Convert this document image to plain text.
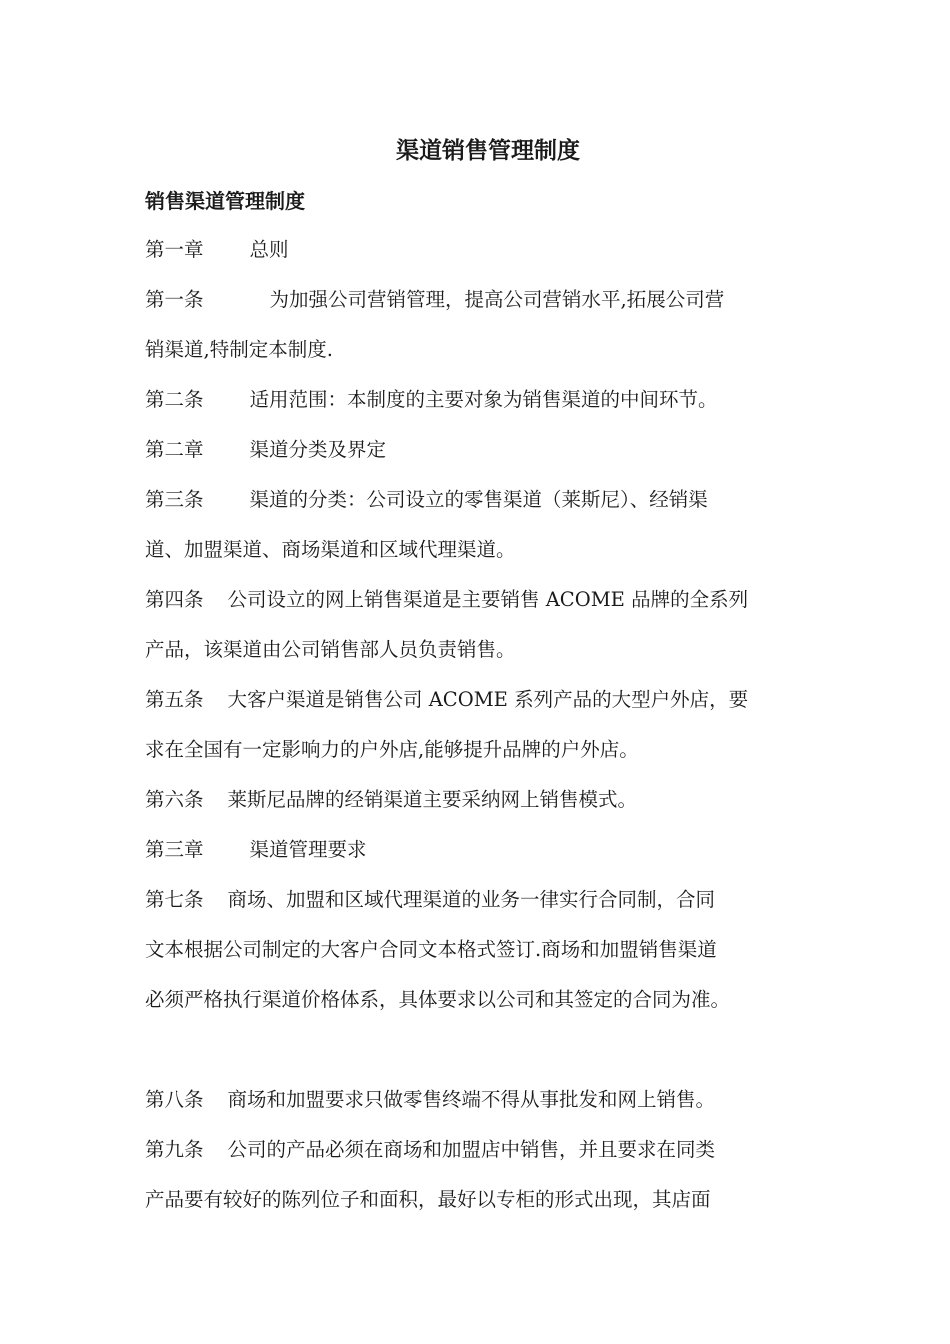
渠道销售管理制度
销售渠道管理制度
第一章 总则
第一条	为加强公司营销管理，提高公司营销水平,拓展公司营
销渠道,特制定本制度.
第二条 适用范围：本制度的主要对象为销售渠道的中间环节。
第二章 渠道分类及界定
第三条 渠道的分类：公司设立的零售渠道（莱斯尼）、经销渠
道、加盟渠道、商场渠道和区域代理渠道。
第四条 公司设立的网上销售渠道是主要销售 ACOME 品牌的全系列
产品，该渠道由公司销售部人员负责销售。
第五条 大客户渠道是销售公司 ACOME 系列产品的大型户外店，要
求在全国有一定影响力的户外店,能够提升品牌的户外店。
第六条 莱斯尼品牌的经销渠道主要采纳网上销售模式。
第三章 渠道管理要求
第七条 商场、加盟和区域代理渠道的业务一律实行合同制，合同
文本根据公司制定的大客户合同文本格式签订.商场和加盟销售渠道
必须严格执行渠道价格体系，具体要求以公司和其签定的合同为准。
第八条 商场和加盟要求只做零售终端不得从事批发和网上销售。
第九条 公司的产品必须在商场和加盟店中销售，并且要求在同类
产品要有较好的陈列位子和面积，最好以专柜的形式出现，其店面
